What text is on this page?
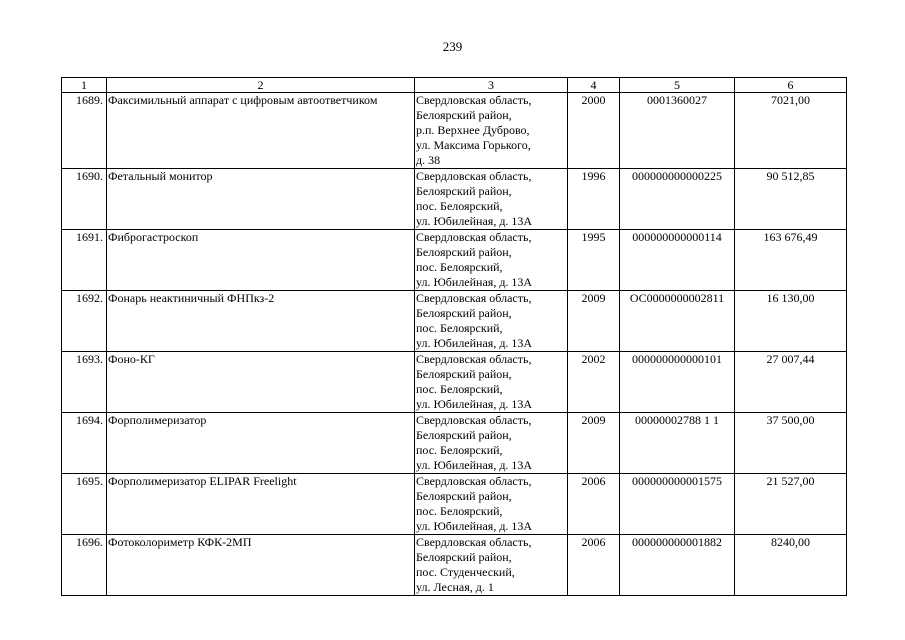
239
1	2	3	4	5	6
1689.	Факсимильный аппарат с цифровым автоответчиком	Свердловская область,
Белоярский район,
р.п. Верхнее Дуброво,
ул. Максима Горького,
д. 38	2000	0001360027	7021,00
1690.	Фетальный монитор	Свердловская область,
Белоярский район,
пос. Белоярский,
ул. Юбилейная, д. 13А	1996	000000000000225	90 512,85
1691.	Фиброгастроскоп	Свердловская область,
Белоярский район,
пос. Белоярский,
ул. Юбилейная, д. 13А	1995	000000000000114	163 676,49
1692.	Фонарь неактиничный ФНПкз-2	Свердловская область,
Белоярский район,
пос. Белоярский,
ул. Юбилейная, д. 13А	2009	ОС0000000002811	16 130,00
1693.	Фоно-КГ	Свердловская область,
Белоярский район,
пос. Белоярский,
ул. Юбилейная, д. 13А	2002	000000000000101	27 007,44
1694.	Форполимеризатор	Свердловская область,
Белоярский район,
пос. Белоярский,
ул. Юбилейная, д. 13А	2009	00000002788 1 1	37 500,00
1695.	Форполимеризатор ELIPAR Freelight	Свердловская область,
Белоярский район,
пос. Белоярский,
ул. Юбилейная, д. 13А	2006	000000000001575	21 527,00
1696.	Фотоколориметр КФК-2МП	Свердловская область,
Белоярский район,
пос. Студенческий,
ул. Лесная, д. 1	2006	000000000001882	8240,00
